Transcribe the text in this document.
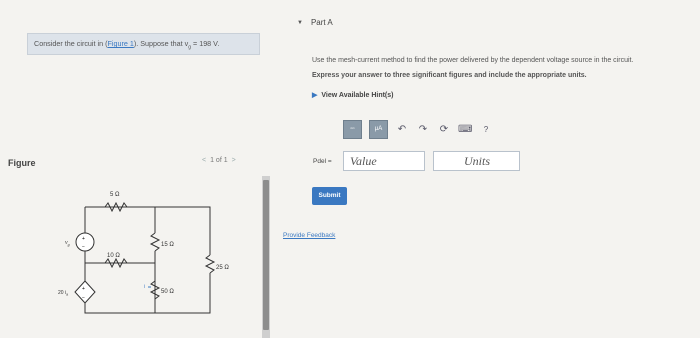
Consider the circuit in (Figure 1). Suppose that $v_g = 198$ V.
Figure	< 1 of 1 >
5 Ω
10 Ω
15 Ω
25 Ω
50 Ω
i
+
−
$v_g$
+
−
20 $i_a$
▼ Part A
Use the mesh-current method to find the power delivered by the dependent voltage source in the circuit.
Express your answer to three significant figures and include the appropriate units.
▶ View Available Hint(s)
▫▫	μA	↶ ↷ ⟳ ⌨	?
Pdel =	Value	Units
Submit
Provide Feedback
